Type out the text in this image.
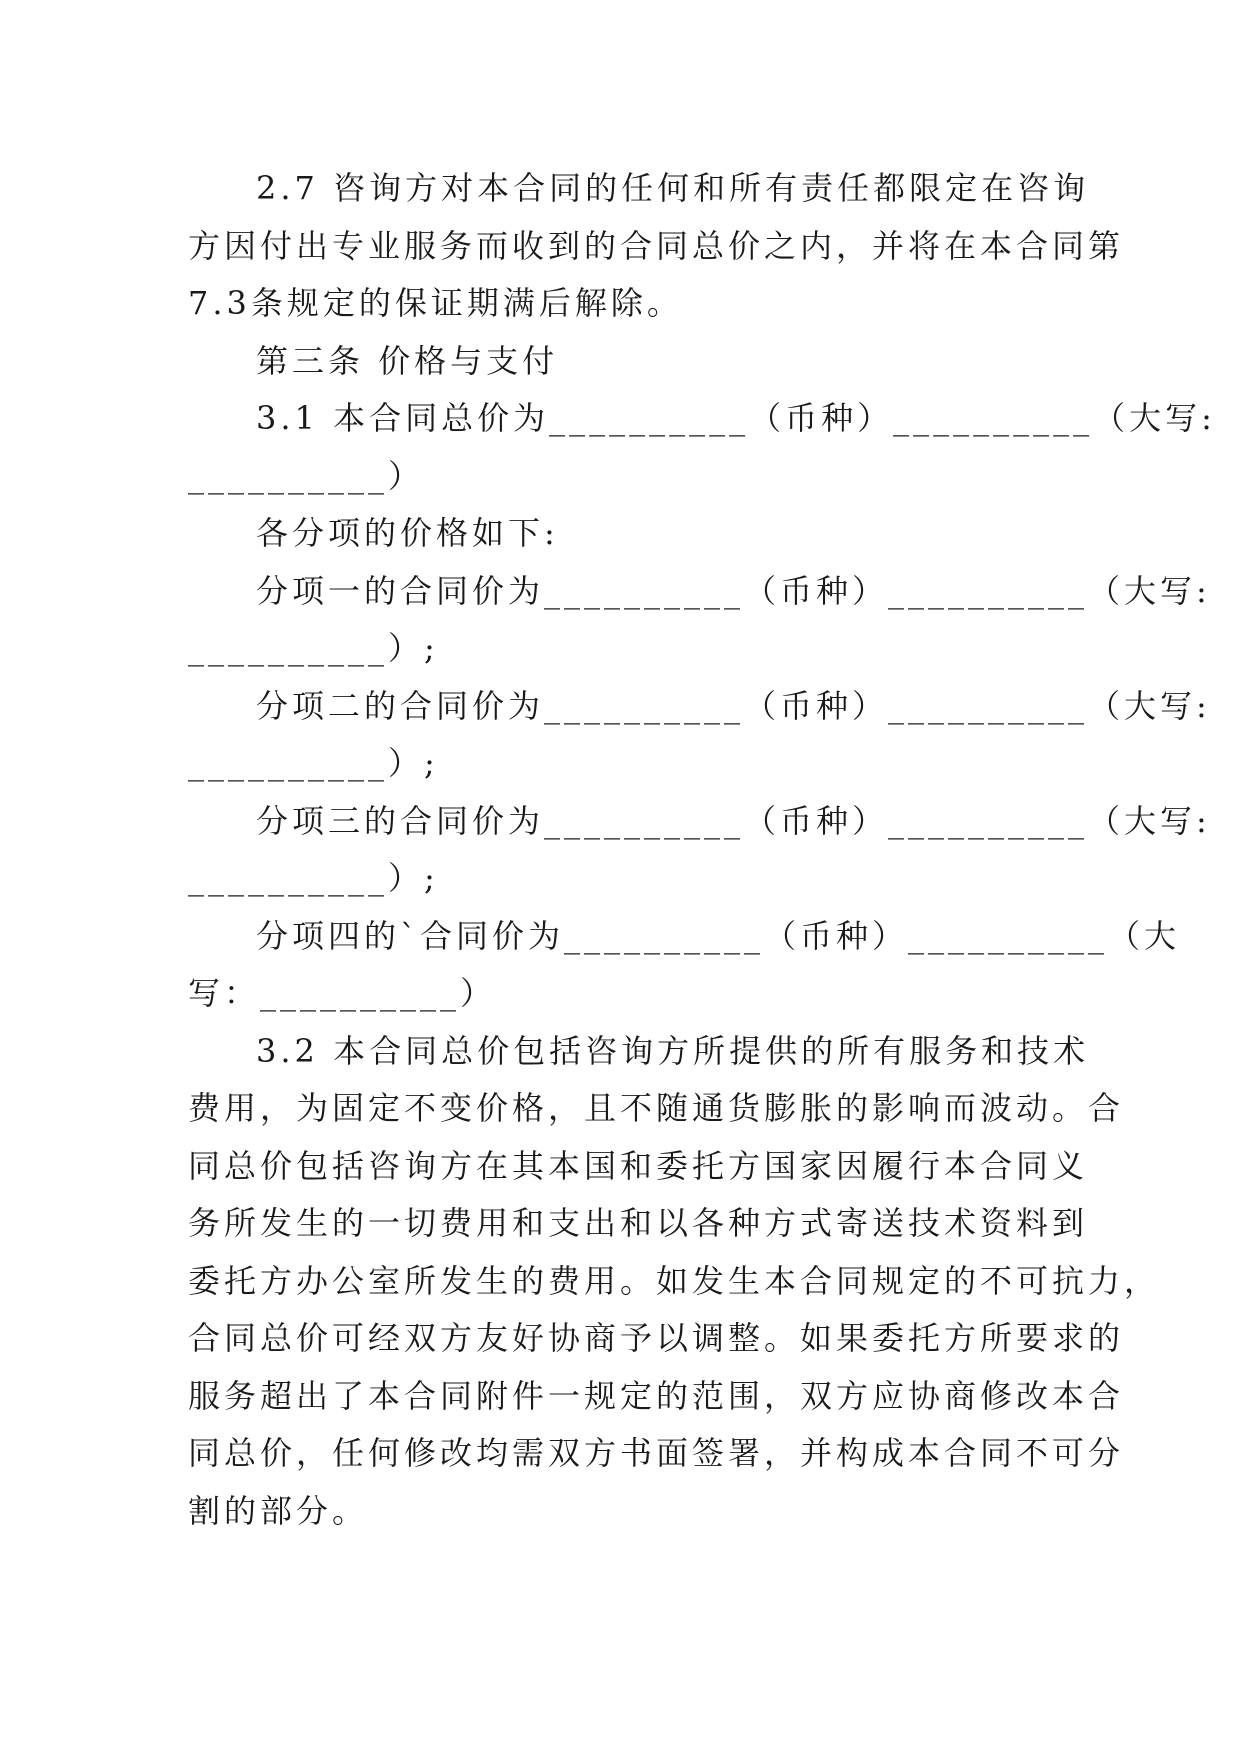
2.7 咨询方对本合同的任何和所有责任都限定在咨询
方因付出专业服务而收到的合同总价之内，并将在本合同第
7.3条规定的保证期满后解除。
第三条 价格与支付
3.1 本合同总价为__________（币种）__________（大写:
__________）
各分项的价格如下:
分项一的合同价为__________（币种）__________（大写:
__________）;
分项二的合同价为__________（币种）__________（大写:
__________）;
分项三的合同价为__________（币种）__________（大写:
__________）;
分项四的`合同价为__________（币种）__________（大
写：__________）
3.2 本合同总价包括咨询方所提供的所有服务和技术
费用，为固定不变价格，且不随通货膨胀的影响而波动。合
同总价包括咨询方在其本国和委托方国家因履行本合同义
务所发生的一切费用和支出和以各种方式寄送技术资料到
委托方办公室所发生的费用。如发生本合同规定的不可抗力，
合同总价可经双方友好协商予以调整。如果委托方所要求的
服务超出了本合同附件一规定的范围，双方应协商修改本合
同总价，任何修改均需双方书面签署，并构成本合同不可分
割的部分。
